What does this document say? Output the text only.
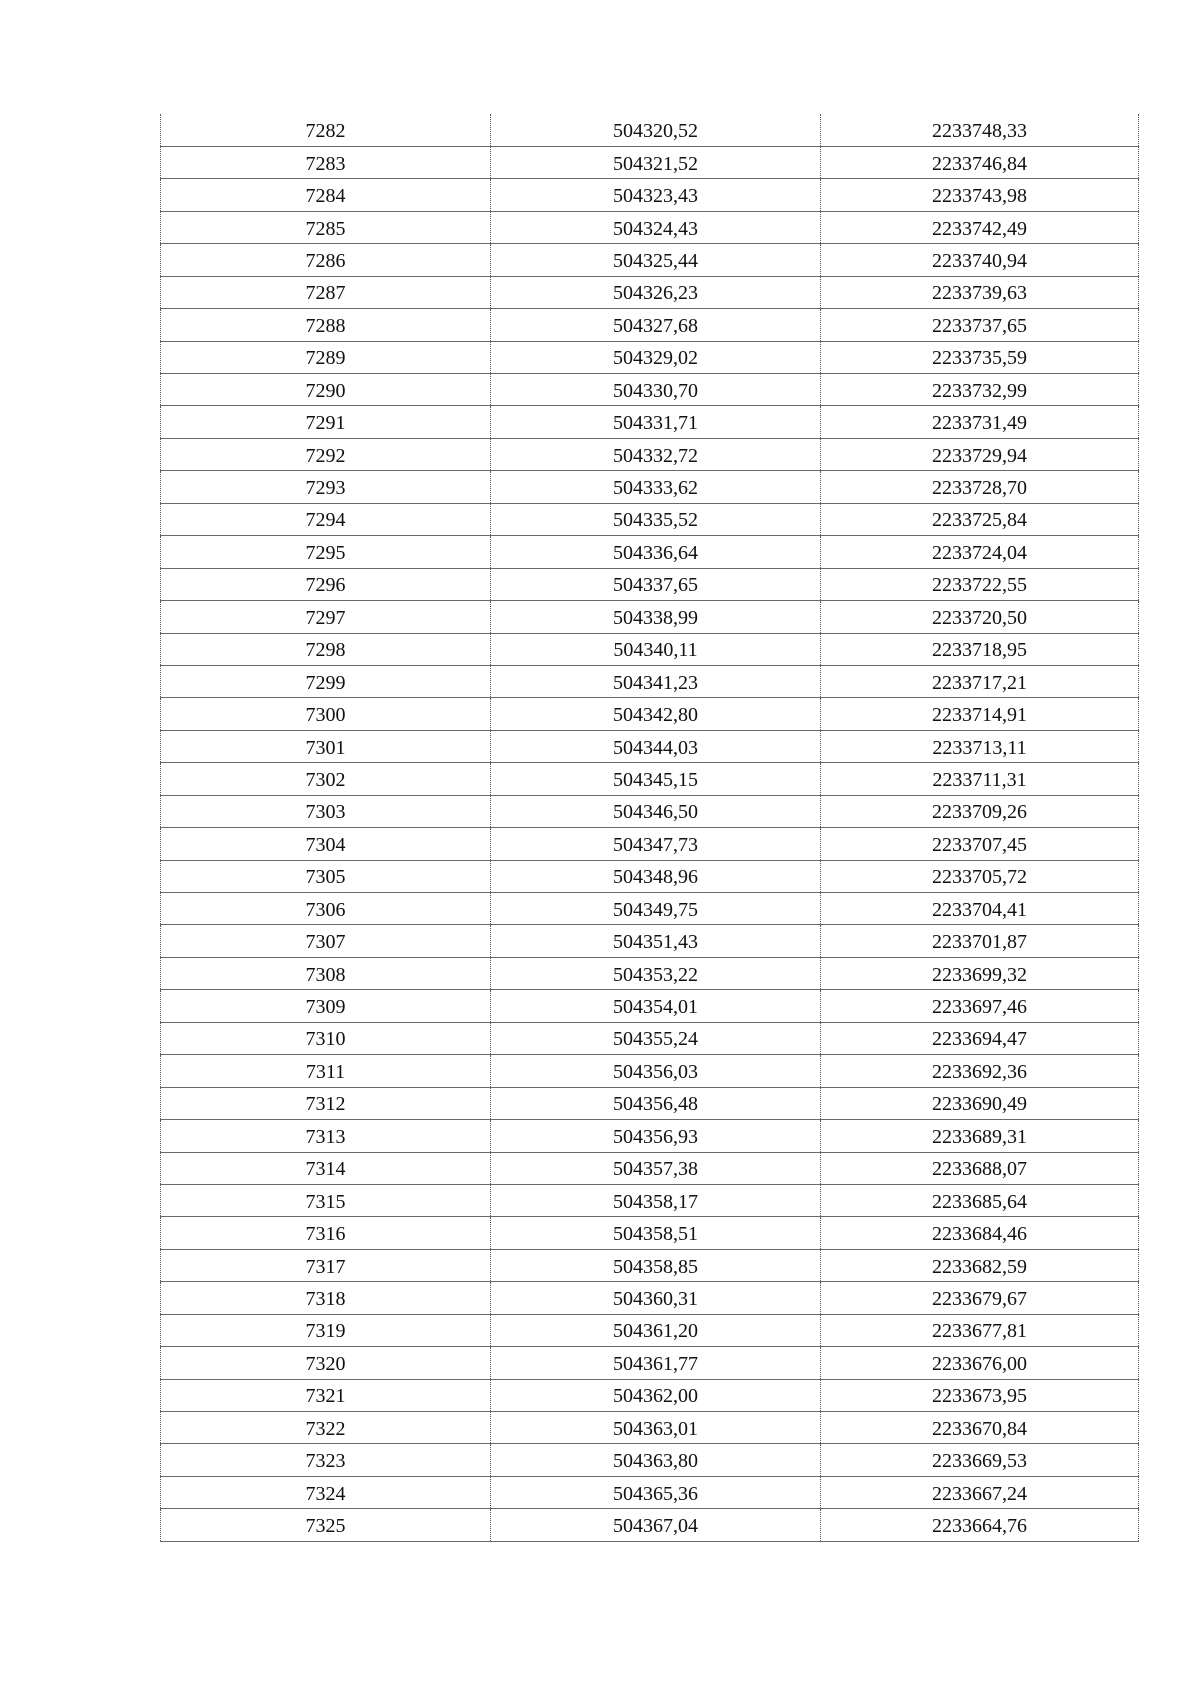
7282	504320,52	2233748,33
7283	504321,52	2233746,84
7284	504323,43	2233743,98
7285	504324,43	2233742,49
7286	504325,44	2233740,94
7287	504326,23	2233739,63
7288	504327,68	2233737,65
7289	504329,02	2233735,59
7290	504330,70	2233732,99
7291	504331,71	2233731,49
7292	504332,72	2233729,94
7293	504333,62	2233728,70
7294	504335,52	2233725,84
7295	504336,64	2233724,04
7296	504337,65	2233722,55
7297	504338,99	2233720,50
7298	504340,11	2233718,95
7299	504341,23	2233717,21
7300	504342,80	2233714,91
7301	504344,03	2233713,11
7302	504345,15	2233711,31
7303	504346,50	2233709,26
7304	504347,73	2233707,45
7305	504348,96	2233705,72
7306	504349,75	2233704,41
7307	504351,43	2233701,87
7308	504353,22	2233699,32
7309	504354,01	2233697,46
7310	504355,24	2233694,47
7311	504356,03	2233692,36
7312	504356,48	2233690,49
7313	504356,93	2233689,31
7314	504357,38	2233688,07
7315	504358,17	2233685,64
7316	504358,51	2233684,46
7317	504358,85	2233682,59
7318	504360,31	2233679,67
7319	504361,20	2233677,81
7320	504361,77	2233676,00
7321	504362,00	2233673,95
7322	504363,01	2233670,84
7323	504363,80	2233669,53
7324	504365,36	2233667,24
7325	504367,04	2233664,76
